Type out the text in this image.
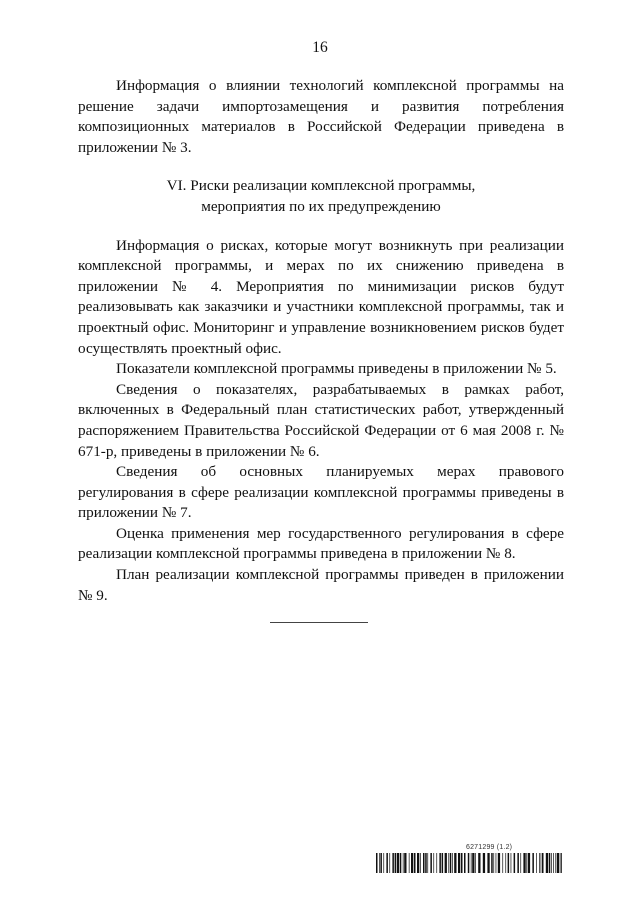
16

Информация о влиянии технологий комплексной программы на решение задачи импортозамещения и развития потребления композиционных материалов в Российской Федерации приведена в приложении № 3.

VI. Риски реализации комплексной программы,
мероприятия по их предупреждению

Информация о рисках, которые могут возникнуть при реализации комплексной программы, и мерах по их снижению приведена в приложении № 4. Мероприятия по минимизации рисков будут реализовывать как заказчики и участники комплексной программы, так и проектный офис. Мониторинг и управление возникновением рисков будет осуществлять проектный офис.

Показатели комплексной программы приведены в приложении № 5.

Сведения о показателях, разрабатываемых в рамках работ, включенных в Федеральный план статистических работ, утвержденный распоряжением Правительства Российской Федерации от 6 мая 2008 г. № 671-р, приведены в приложении № 6.

Сведения об основных планируемых мерах правового регулирования в сфере реализации комплексной программы приведены в приложении № 7.

Оценка применения мер государственного регулирования в сфере реализации комплексной программы приведена в приложении № 8.

План реализации комплексной программы приведен в приложении № 9.

6271299 (1.2)
